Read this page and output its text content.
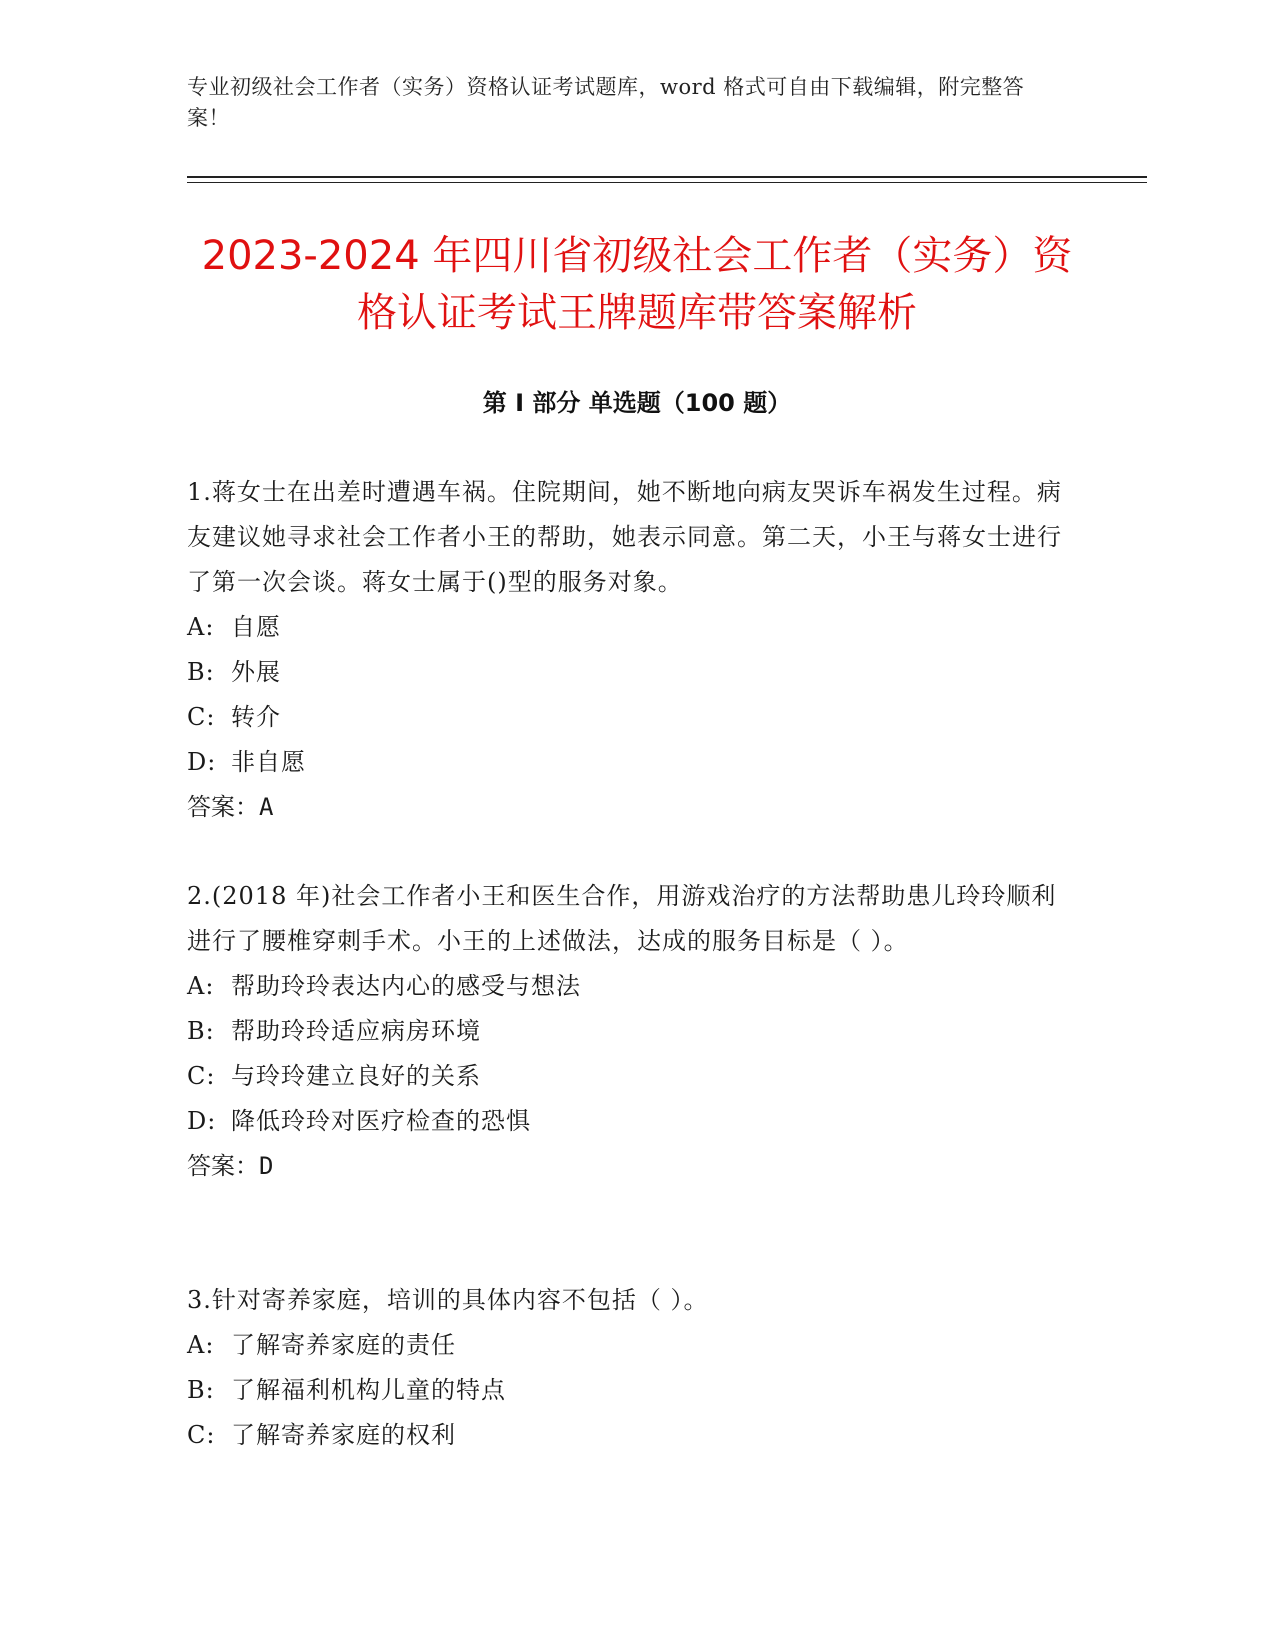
专业初级社会工作者（实务）资格认证考试题库，word 格式可自由下载编辑，附完整答案！
2023-2024 年四川省初级社会工作者（实务）资格认证考试王牌题库带答案解析
第 I 部分 单选题（100 题）

1.蒋女士在出差时遭遇车祸。住院期间，她不断地向病友哭诉车祸发生过程。病友建议她寻求社会工作者小王的帮助，她表示同意。第二天，小王与蒋女士进行了第一次会谈。蒋女士属于()型的服务对象。

A: 自愿

B: 外展

C: 转介

D: 非自愿

答案：A

2.(2018 年)社会工作者小王和医生合作，用游戏治疗的方法帮助患儿玲玲顺利进行了腰椎穿刺手术。小王的上述做法，达成的服务目标是（ ）。

A: 帮助玲玲表达内心的感受与想法

B: 帮助玲玲适应病房环境

C: 与玲玲建立良好的关系

D: 降低玲玲对医疗检查的恐惧

答案：D

3.针对寄养家庭，培训的具体内容不包括（ ）。

A: 了解寄养家庭的责任

B: 了解福利机构儿童的特点

C: 了解寄养家庭的权利
